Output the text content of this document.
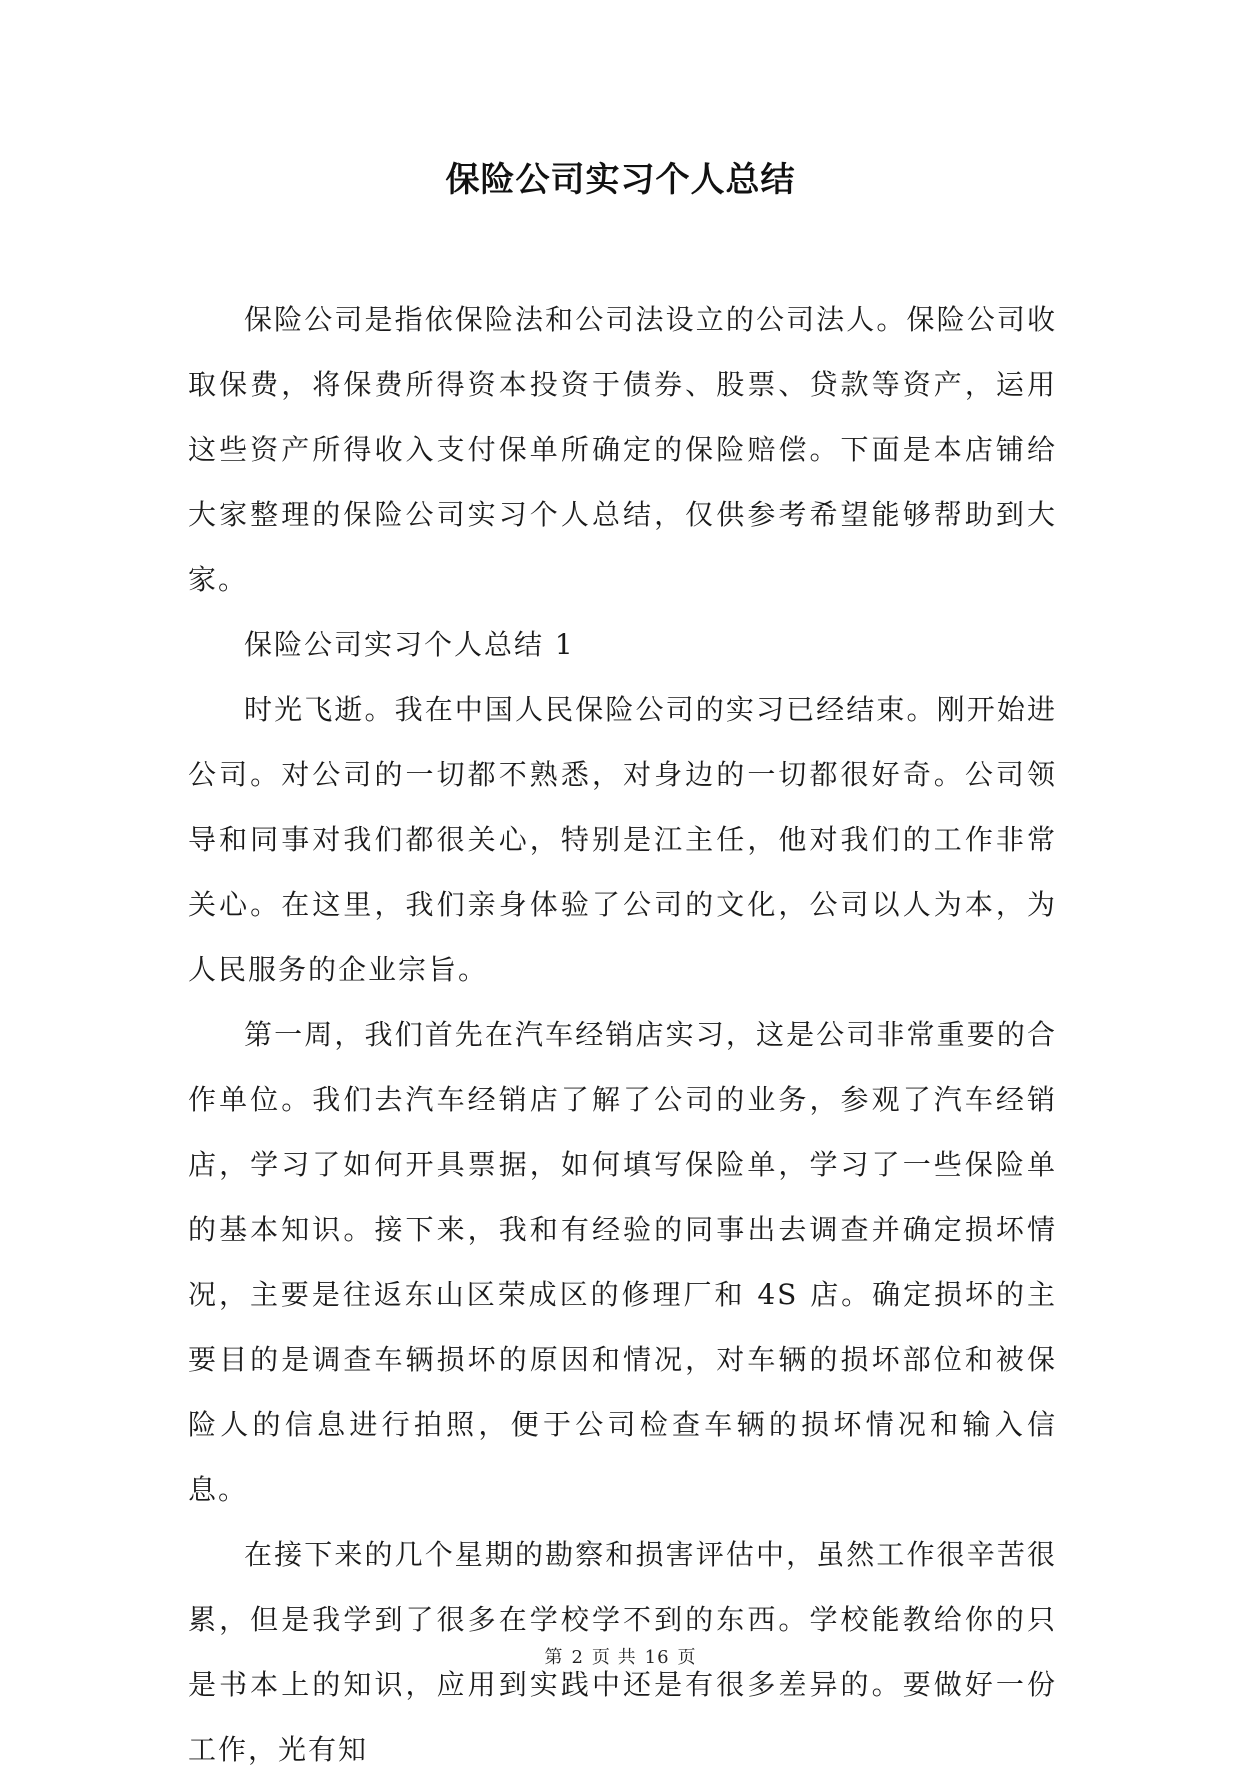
保险公司实习个人总结

保险公司是指依保险法和公司法设立的公司法人。保险公司收取保费，将保费所得资本投资于债券、股票、贷款等资产，运用这些资产所得收入支付保单所确定的保险赔偿。下面是本店铺给大家整理的保险公司实习个人总结，仅供参考希望能够帮助到大家。

保险公司实习个人总结 1

时光飞逝。我在中国人民保险公司的实习已经结束。刚开始进公司。对公司的一切都不熟悉，对身边的一切都很好奇。公司领导和同事对我们都很关心，特别是江主任，他对我们的工作非常关心。在这里，我们亲身体验了公司的文化，公司以人为本，为人民服务的企业宗旨。

第一周，我们首先在汽车经销店实习，这是公司非常重要的合作单位。我们去汽车经销店了解了公司的业务，参观了汽车经销店，学习了如何开具票据，如何填写保险单，学习了一些保险单的基本知识。接下来，我和有经验的同事出去调查并确定损坏情况，主要是往返东山区荣成区的修理厂和 4S 店。确定损坏的主要目的是调查车辆损坏的原因和情况，对车辆的损坏部位和被保险人的信息进行拍照，便于公司检查车辆的损坏情况和输入信息。

在接下来的几个星期的勘察和损害评估中，虽然工作很辛苦很累，但是我学到了很多在学校学不到的东西。学校能教给你的只是书本上的知识，应用到实践中还是有很多差异的。要做好一份工作，光有知

第 2 页 共 16 页
